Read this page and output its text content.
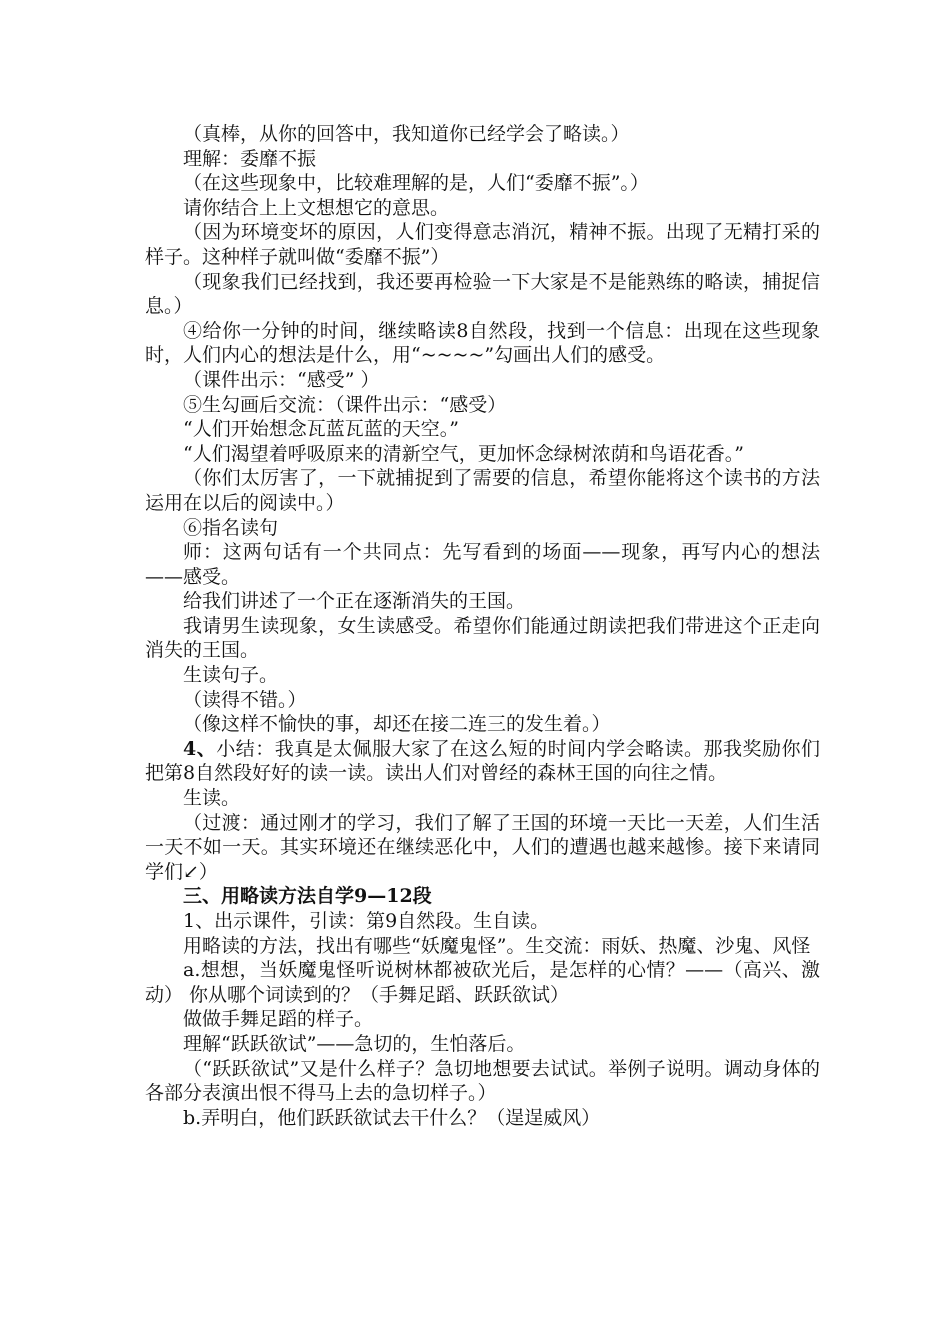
（真棒，从你的回答中，我知道你已经学会了略读。）

理解：委靡不振

（在这些现象中，比较难理解的是，人们“委靡不振”。）

请你结合上上文想想它的意思。

（因为环境变坏的原因，人们变得意志消沉，精神不振。出现了无精打采的样子。这种样子就叫做“委靡不振”）

（现象我们已经找到，我还要再检验一下大家是不是能熟练的略读，捕捉信息。）

④给你一分钟的时间，继续略读8自然段，找到一个信息：出现在这些现象时，人们内心的想法是什么，用“~~~~”勾画出人们的感受。

（课件出示：“感受” ）

⑤生勾画后交流：（课件出示：“感受）

“人们开始想念瓦蓝瓦蓝的天空。”

“人们渴望着呼吸原来的清新空气，更加怀念绿树浓荫和鸟语花香。”

（你们太厉害了，一下就捕捉到了需要的信息，希望你能将这个读书的方法运用在以后的阅读中。）

⑥指名读句

师：这两句话有一个共同点：先写看到的场面——现象，再写内心的想法——感受。

给我们讲述了一个正在逐渐消失的王国。

我请男生读现象，女生读感受。希望你们能通过朗读把我们带进这个正走向消失的王国。

生读句子。

（读得不错。）

（像这样不愉快的事，却还在接二连三的发生着。）

4、小结：我真是太佩服大家了在这么短的时间内学会略读。那我奖励你们把第8自然段好好的读一读。读出人们对曾经的森林王国的向往之情。

生读。

（过渡：通过刚才的学习，我们了解了王国的环境一天比一天差，人们生活一天不如一天。其实环境还在继续恶化中，人们的遭遇也越来越惨。接下来请同学们↙）

三、用略读方法自学9—12段

1、出示课件，引读：第9自然段。生自读。

用略读的方法，找出有哪些“妖魔鬼怪”。生交流：雨妖、热魔、沙鬼、风怪

a.想想，当妖魔鬼怪听说树林都被砍光后，是怎样的心情？——（高兴、激动） 你从哪个词读到的？（手舞足蹈、跃跃欲试）

做做手舞足蹈的样子。

理解“跃跃欲试”——急切的，生怕落后。

（“跃跃欲试”又是什么样子？急切地想要去试试。举例子说明。调动身体的各部分表演出恨不得马上去的急切样子。）

b.弄明白，他们跃跃欲试去干什么？（逞逞威风）
